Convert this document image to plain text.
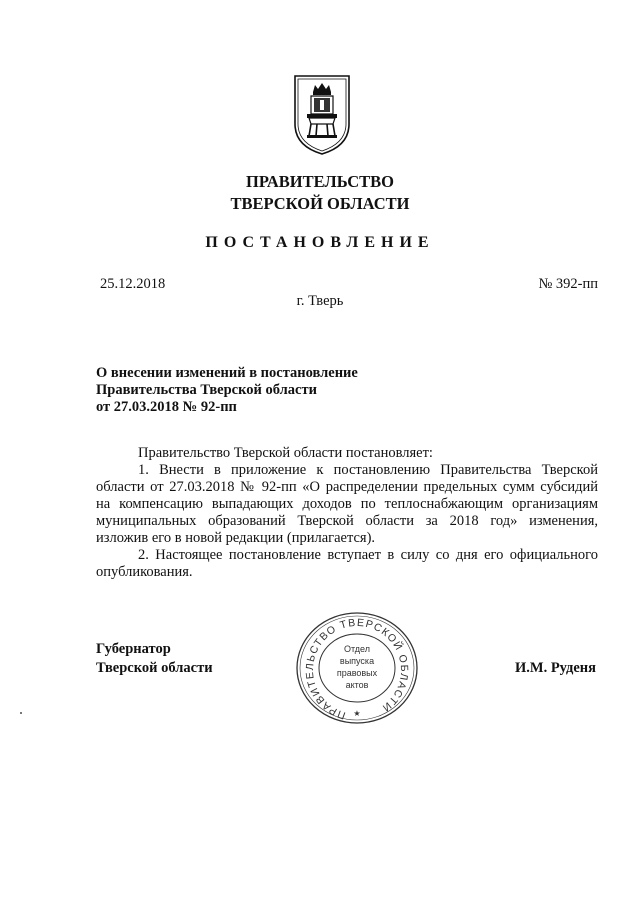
ПРАВИТЕЛЬСТВО
ТВЕРСКОЙ ОБЛАСТИ
ПОСТАНОВЛЕНИЕ
25.12.2018	№ 392-пп
г. Тверь
О внесении изменений в постановление
Правительства Тверской области
от 27.03.2018 № 92-пп
Правительство Тверской области постановляет:
1. Внести в приложение к постановлению Правительства Тверской
области от 27.03.2018 № 92-пп «О распределении предельных сумм субсидий
на компенсацию выпадающих доходов по теплоснабжающим организациям
муниципальных образований Тверской области за 2018 год» изменения,
изложив его в новой редакции (прилагается).
2. Настоящее постановление вступает в силу со дня его официального
опубликования.
Губернатор
Тверской области	И.М. Руденя
ПРАВИТЕЛЬСТВО ТВЕРСКОЙ ОБЛАСТИ
★
Отдел
выпуска
правовых
актов
